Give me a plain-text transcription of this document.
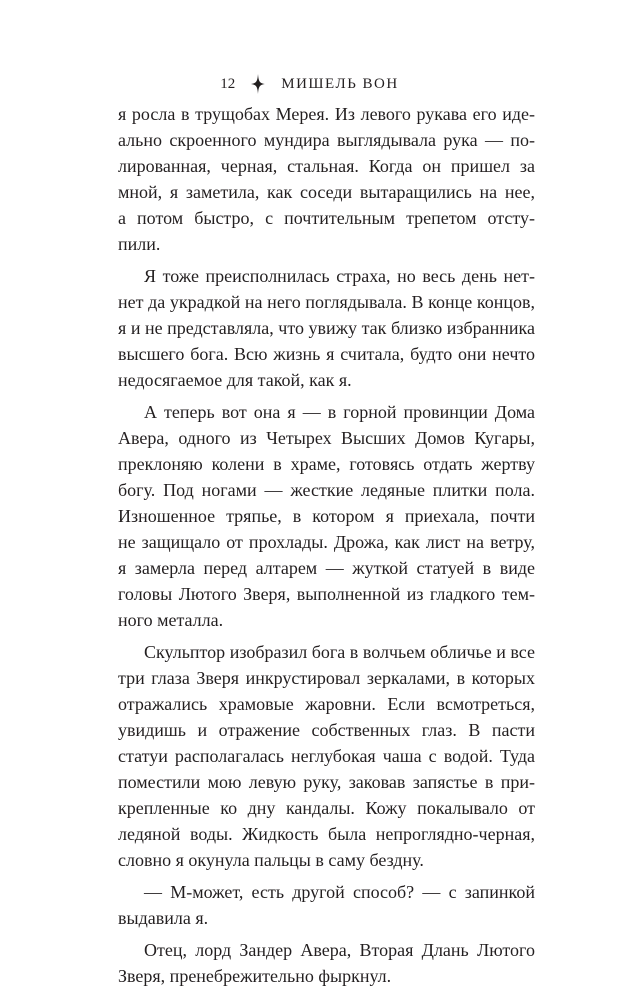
12	МИШЕЛЬ ВОН
я росла в трущобах Мерея. Из левого рукава его иде-
ально скроенного мундира выглядывала рука — по-
лированная, черная, стальная. Когда он пришел за
мной, я заметила, как соседи вытаращились на нее,
а потом быстро, с почтительным трепетом отсту-
пили.
Я тоже преисполнилась страха, но весь день нет-
нет да украдкой на него поглядывала. В конце концов,
я и не представляла, что увижу так близко избранника
высшего бога. Всю жизнь я считала, будто они нечто
недосягаемое для такой, как я.
А теперь вот она я — в горной провинции Дома
Авера, одного из Четырех Высших Домов Кугары,
преклоняю колени в храме, готовясь отдать жертву
богу. Под ногами — жесткие ледяные плитки пола.
Изношенное тряпье, в котором я приехала, почти
не защищало от прохлады. Дрожа, как лист на ветру,
я замерла перед алтарем — жуткой статуей в виде
головы Лютого Зверя, выполненной из гладкого тем-
ного металла.
Скульптор изобразил бога в волчьем обличье и все
три глаза Зверя инкрустировал зеркалами, в которых
отражались храмовые жаровни. Если всмотреться,
увидишь и отражение собственных глаз. В пасти
статуи располагалась неглубокая чаша с водой. Туда
поместили мою левую руку, заковав запястье в при-
крепленные ко дну кандалы. Кожу покалывало от
ледяной воды. Жидкость была непроглядно-черная,
словно я окунула пальцы в саму бездну.
— М-может, есть другой способ? — с запинкой
выдавила я.
Отец, лорд Зандер Авера, Вторая Длань Лютого
Зверя, пренебрежительно фыркнул.
